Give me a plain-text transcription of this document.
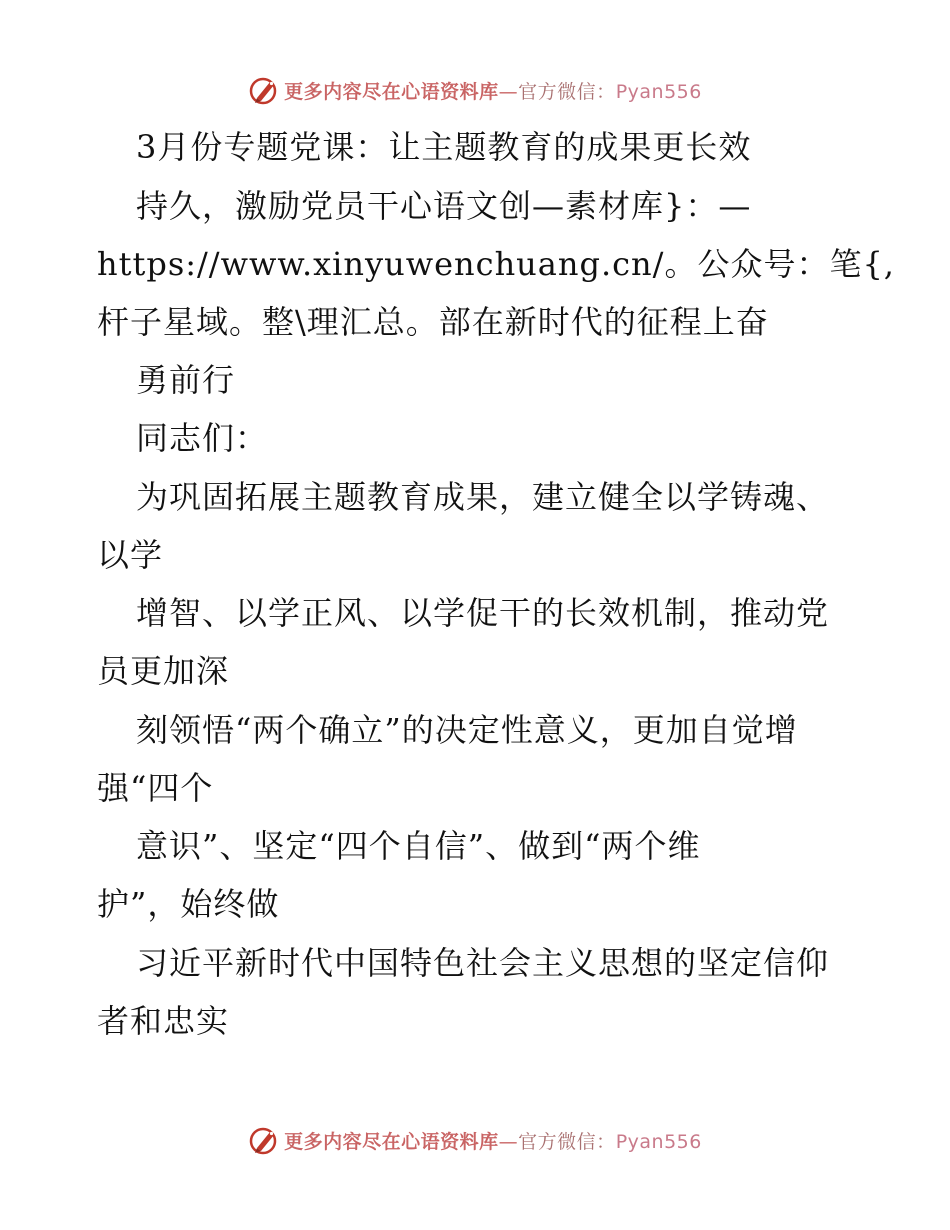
更多内容尽在心语资料库—官方微信：Pyan556
3月份专题党课：让主题教育的成果更长效
持久，激励党员干心语文创—素材库}：—
https://www.xinyuwenchuang.cn/。公众号：笔{,
杆子星域。整\理汇总。部在新时代的征程上奋
勇前行
同志们：
为巩固拓展主题教育成果，建立健全以学铸魂、
以学
增智、以学正风、以学促干的长效机制，推动党
员更加深
刻领悟“两个确立”的决定性意义，更加自觉增
强“四个
意识”、坚定“四个自信”、做到“两个维
护”，始终做
习近平新时代中国特色社会主义思想的坚定信仰
者和忠实
更多内容尽在心语资料库—官方微信：Pyan556
